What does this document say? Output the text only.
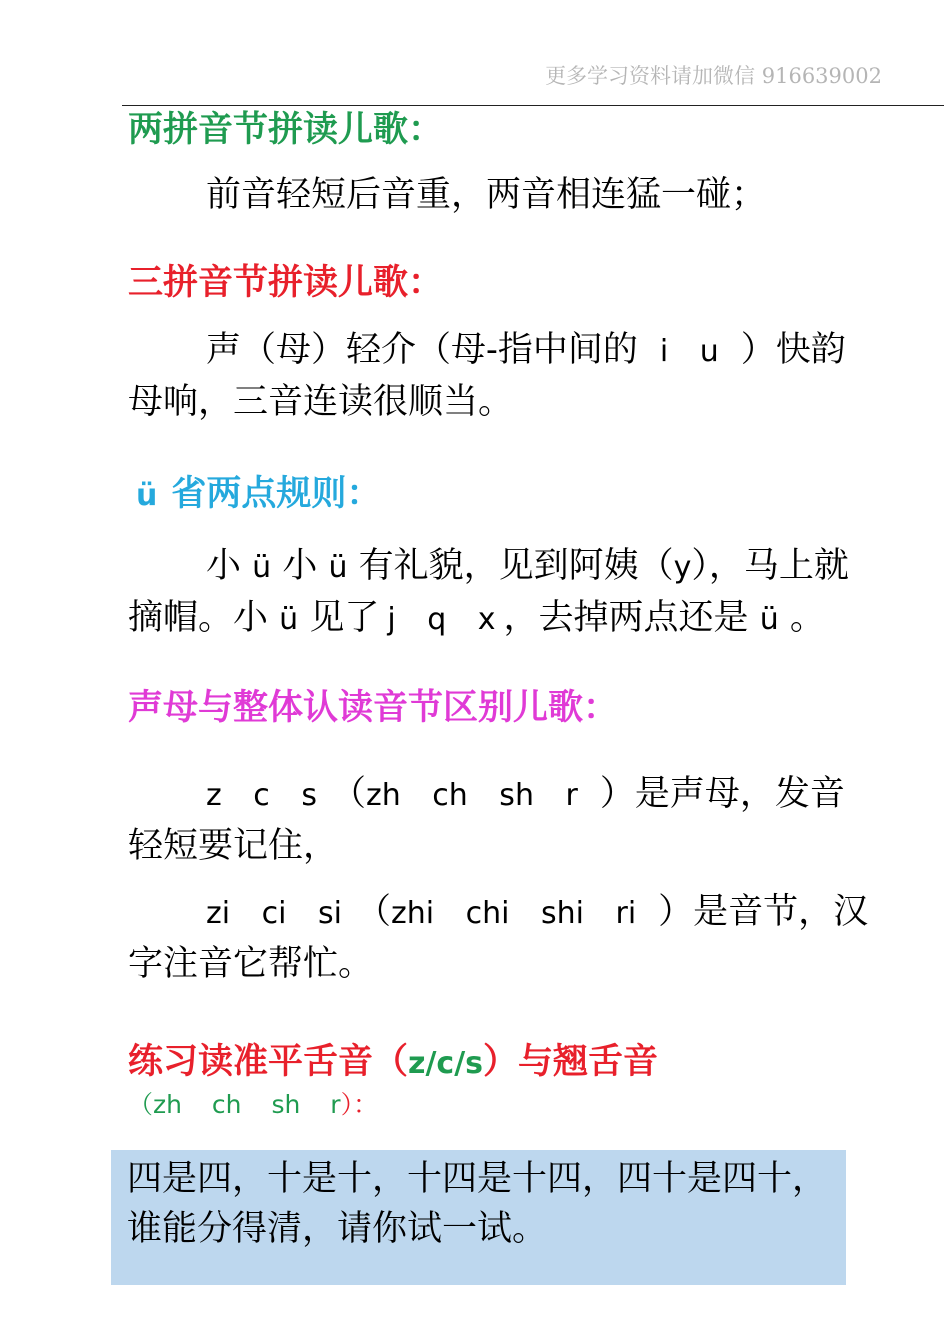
更多学习资料请加微信 916639002
两拼音节拼读儿歌：

前音轻短后音重，两音相连猛一碰；

三拼音节拼读儿歌：

声（母）轻介（母-指中间的 i u ）快韵母响，三音连读很顺当。

ü 省两点规则：

小 ü 小 ü 有礼貌，见到阿姨（y），马上就摘帽。小 ü 见了 j q x ，去掉两点还是 ü 。

声母与整体认读音节区别儿歌：

z c s （zh ch sh r ）是声母，发音轻短要记住，

zi ci si （zhi chi shi ri ）是音节，汉字注音它帮忙。

练习读准平舌音（z/c/s）与翘舌音

（zh ch sh r）：

四是四，十是十，十四是十四，四十是四十，谁能分得清，请你试一试。
